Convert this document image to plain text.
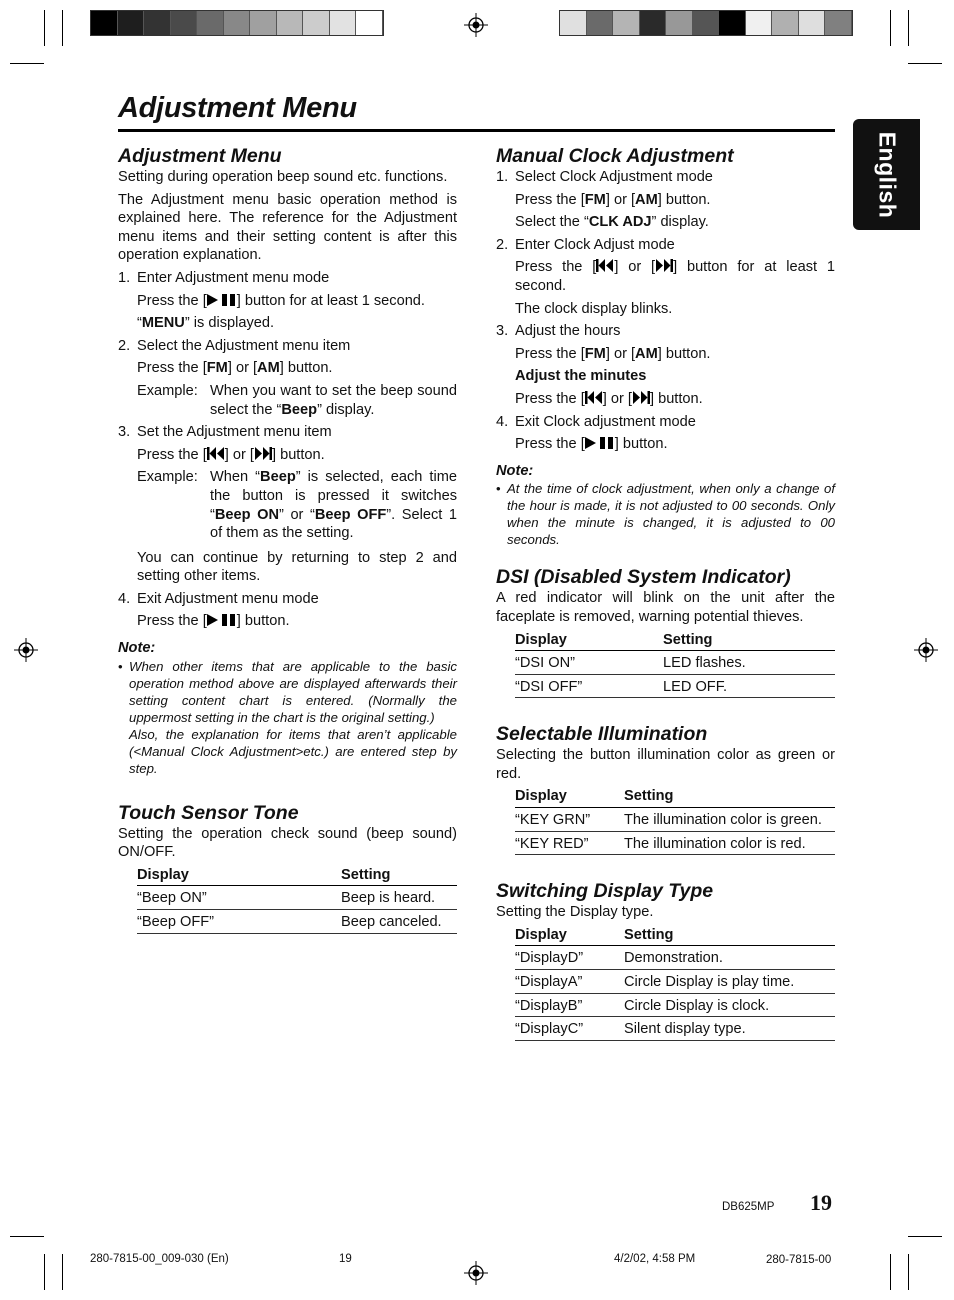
Adjustment Menu
English
Adjustment Menu

Setting during operation beep sound etc. functions.

The Adjustment menu basic operation method is explained here. The reference for the Adjustment menu items and their setting content is after this operation explanation.

1. Enter Adjustment menu mode
Press the [ ] button for at least 1 second.
“MENU” is displayed.
2. Select the Adjustment menu item
Press the [FM] or [AM] button.
Example: When you want to set the beep sound select the “Beep” display.
3. Set the Adjustment menu item
Press the [ ] or [ ] button.
Example: When “Beep” is selected, each time the button is pressed it switches “Beep ON” or “Beep OFF”. Select 1 of them as the setting.
You can continue by returning to step 2 and setting other items.
4. Exit Adjustment menu mode
Press the [ ] button.
Note:
• When other items that are applicable to the basic operation method above are displayed afterwards their setting content chart is entered. (Normally the uppermost setting in the chart is the original setting.)
Also, the explanation for items that aren’t applicable (<Manual Clock Adjustment>etc.) are entered step by step.
Touch Sensor Tone

Setting the operation check sound (beep sound) ON/OFF.

Display	Setting
“Beep ON”	Beep is heard.
“Beep OFF”	Beep canceled.
Manual Clock Adjustment
1. Select Clock Adjustment mode
Press the [FM] or [AM] button.
Select the “CLK ADJ” display.
2. Enter Clock Adjust mode
Press the [ ] or [ ] button for at least 1 second.
The clock display blinks.
3. Adjust the hours
Press the [FM] or [AM] button.
Adjust the minutes
Press the [ ] or [ ] button.
4. Exit Clock adjustment mode
Press the [ ] button.
Note:
• At the time of clock adjustment, when only a change of the hour is made, it is not adjusted to 00 seconds. Only when the minute is changed, it is adjusted to 00 seconds.
DSI (Disabled System Indicator)

A red indicator will blink on the unit after the faceplate is removed, warning potential thieves.

Display	Setting
“DSI ON”	LED flashes.
“DSI OFF”	LED OFF.
Selectable Illumination

Selecting the button illumination color as green or red.

Display	Setting
“KEY GRN”	The illumination color is green.
“KEY RED”	The illumination color is red.
Switching Display Type

Setting the Display type.

Display	Setting
“DisplayD”	Demonstration.
“DisplayA”	Circle Display is play time.
“DisplayB”	Circle Display is clock.
“DisplayC”	Silent display type.
DB625MP 19
280-7815-00_009-030 (En)	19	4/2/02, 4:58 PM	280-7815-00
